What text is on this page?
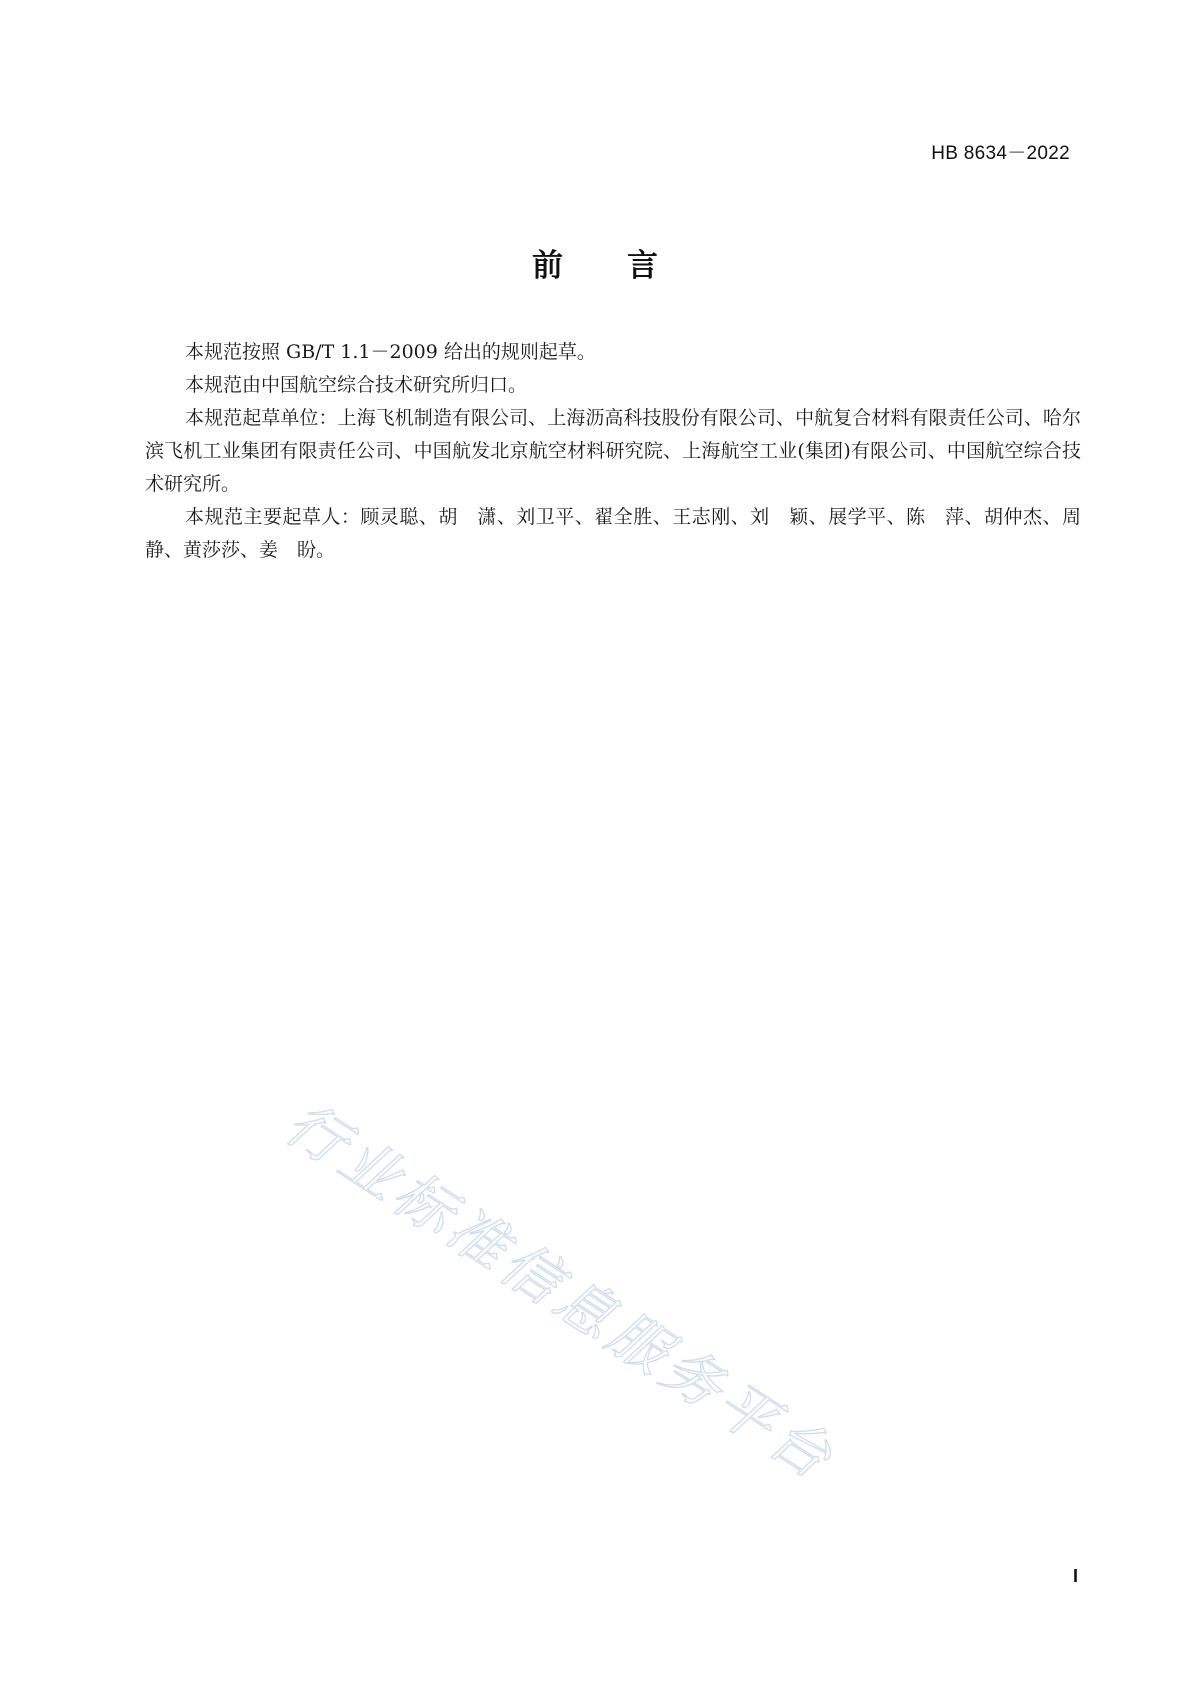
HB 8634－2022
前 言

本规范按照 GB/T 1.1－2009 给出的规则起草。

本规范由中国航空综合技术研究所归口。

本规范起草单位：上海飞机制造有限公司、上海沥高科技股份有限公司、中航复合材料有限责任公司、哈尔滨飞机工业集团有限责任公司、中国航发北京航空材料研究院、上海航空工业(集团)有限公司、中国航空综合技术研究所。

本规范主要起草人：顾灵聪、胡　潇、刘卫平、翟全胜、王志刚、刘　颖、展学平、陈　萍、胡仲杰、周　静、黄莎莎、姜　盼。

行业标准信息服务平台
I
